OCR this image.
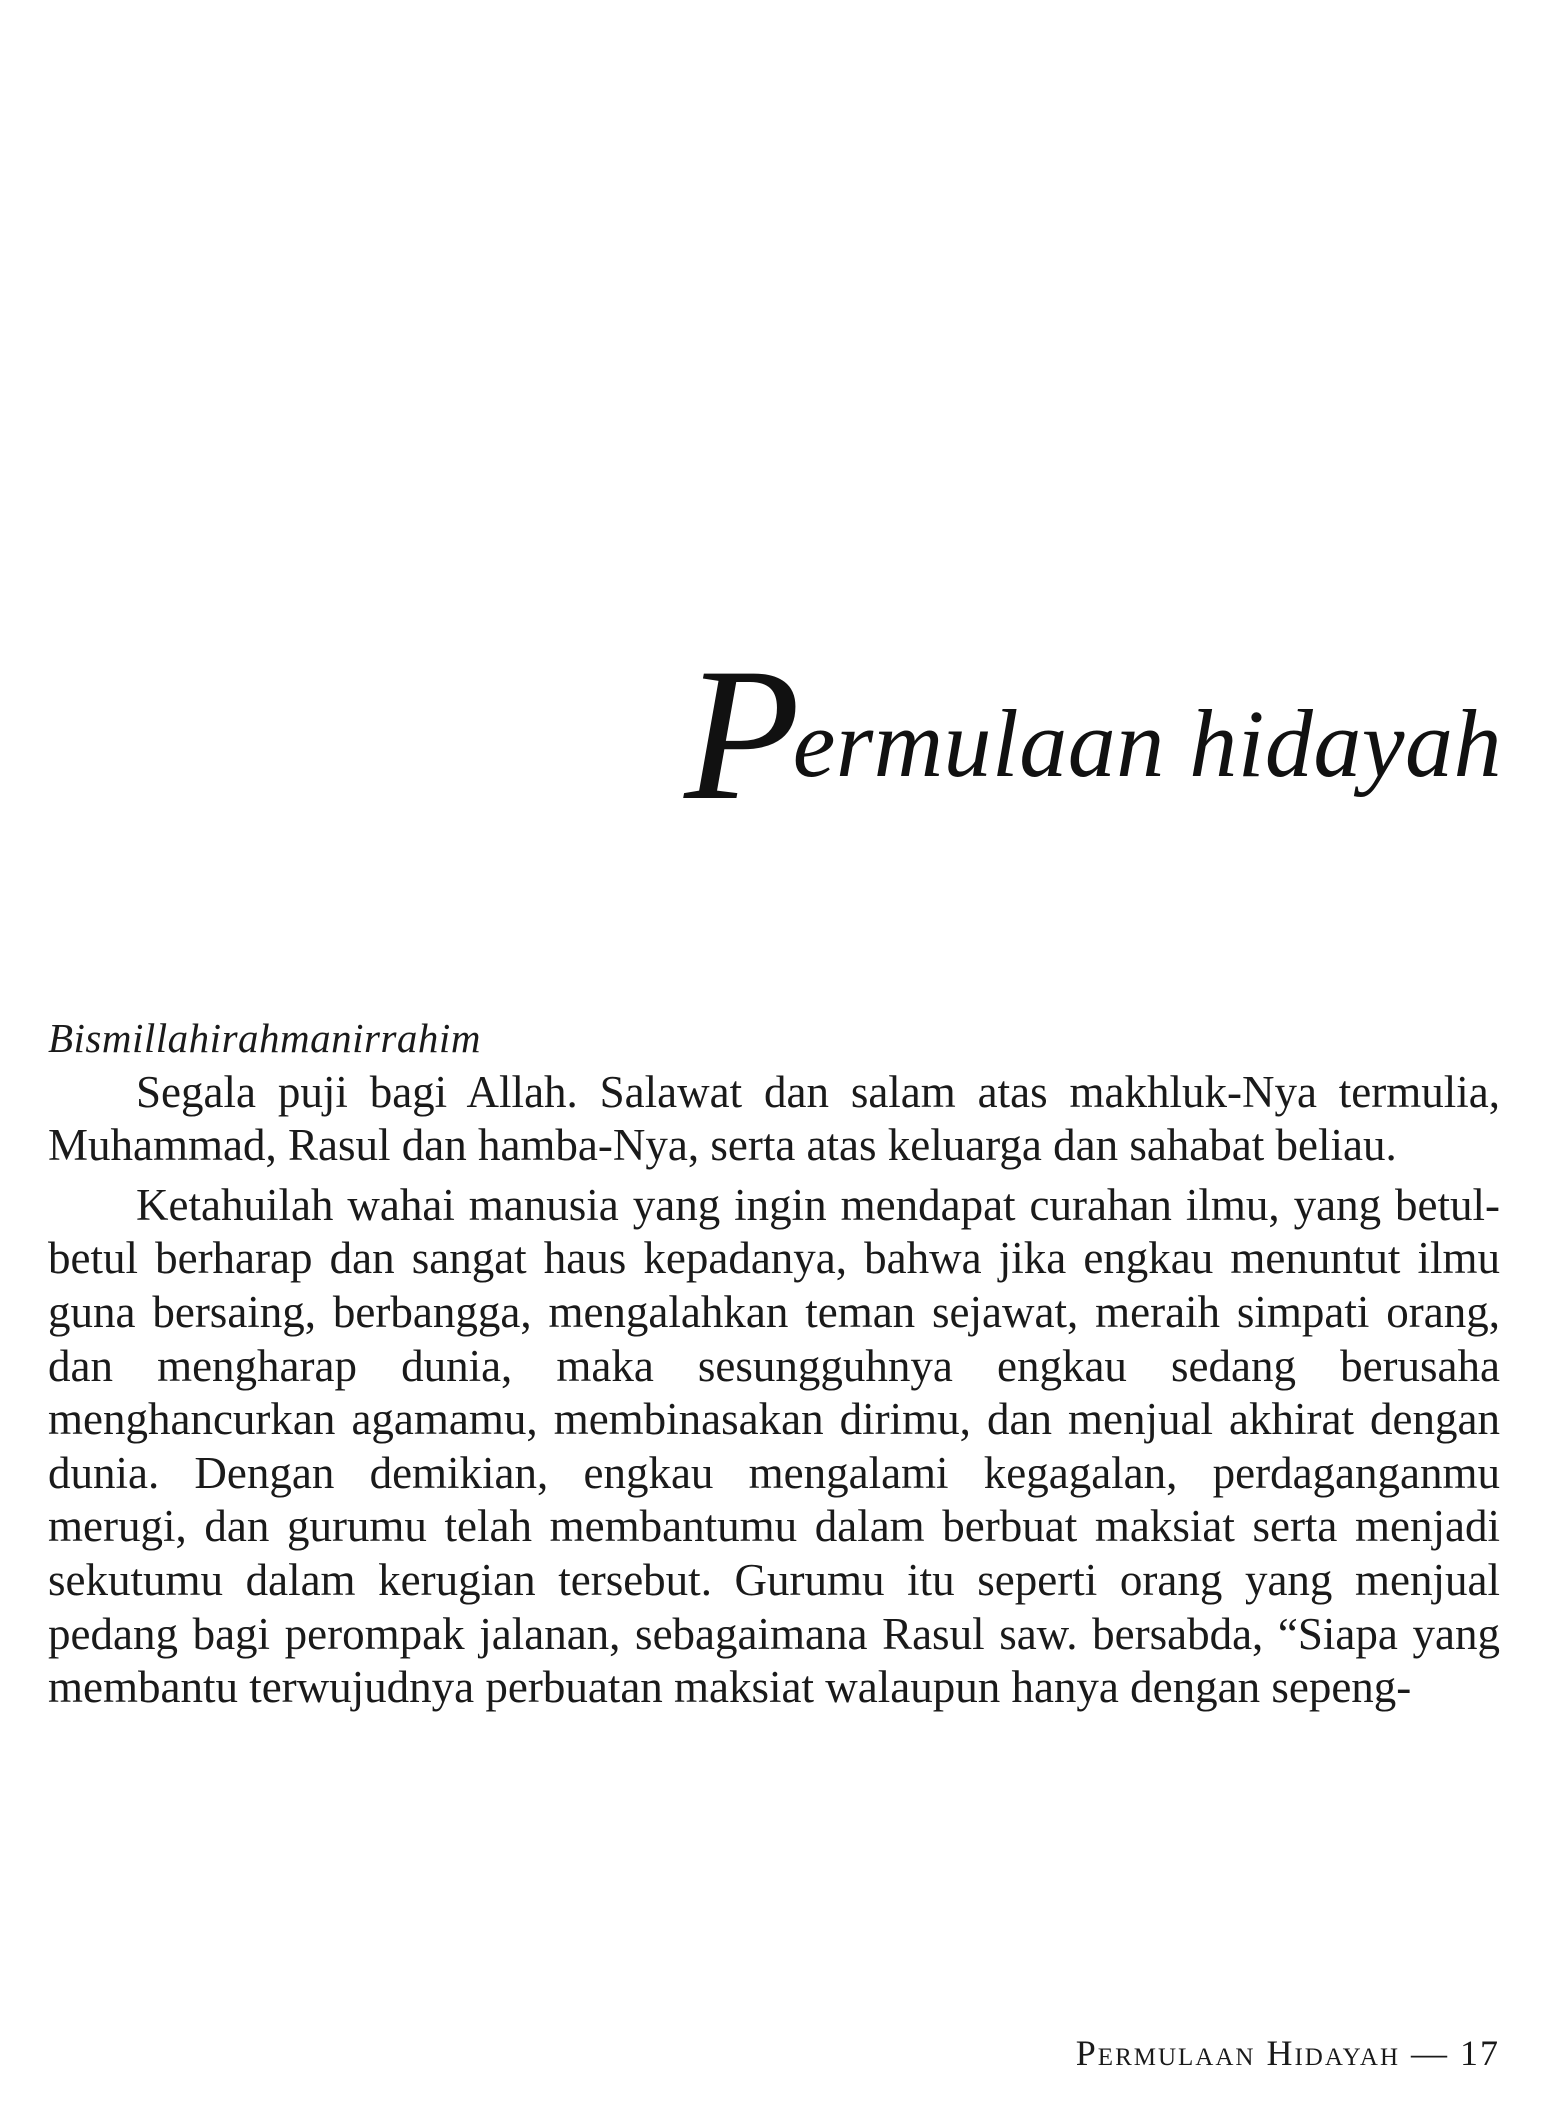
Permulaan hidayah

Bismillahirahmanirrahim

Segala puji bagi Allah. Salawat dan salam atas makhluk-Nya termulia, Muhammad, Rasul dan hamba-Nya, serta atas keluarga dan sahabat beliau.

Ketahuilah wahai manusia yang ingin mendapat curahan ilmu, yang betul-betul berharap dan sangat haus kepadanya, bahwa jika engkau menuntut ilmu guna bersaing, berbangga, mengalahkan teman sejawat, meraih simpati orang, dan mengharap dunia, maka sesungguhnya engkau sedang berusaha menghancurkan agamamu, membinasakan dirimu, dan menjual akhirat dengan dunia. Dengan demikian, engkau mengalami kegagalan, perdaganganmu merugi, dan gurumu telah membantumu dalam berbuat maksiat serta menjadi sekutumu dalam kerugian tersebut. Gurumu itu seperti orang yang menjual pedang bagi perompak jalanan, sebagaimana Rasul saw. bersabda, “Siapa yang membantu terwujudnya perbuatan maksiat walaupun hanya dengan sepeng-

Permulaan Hidayah — 17
